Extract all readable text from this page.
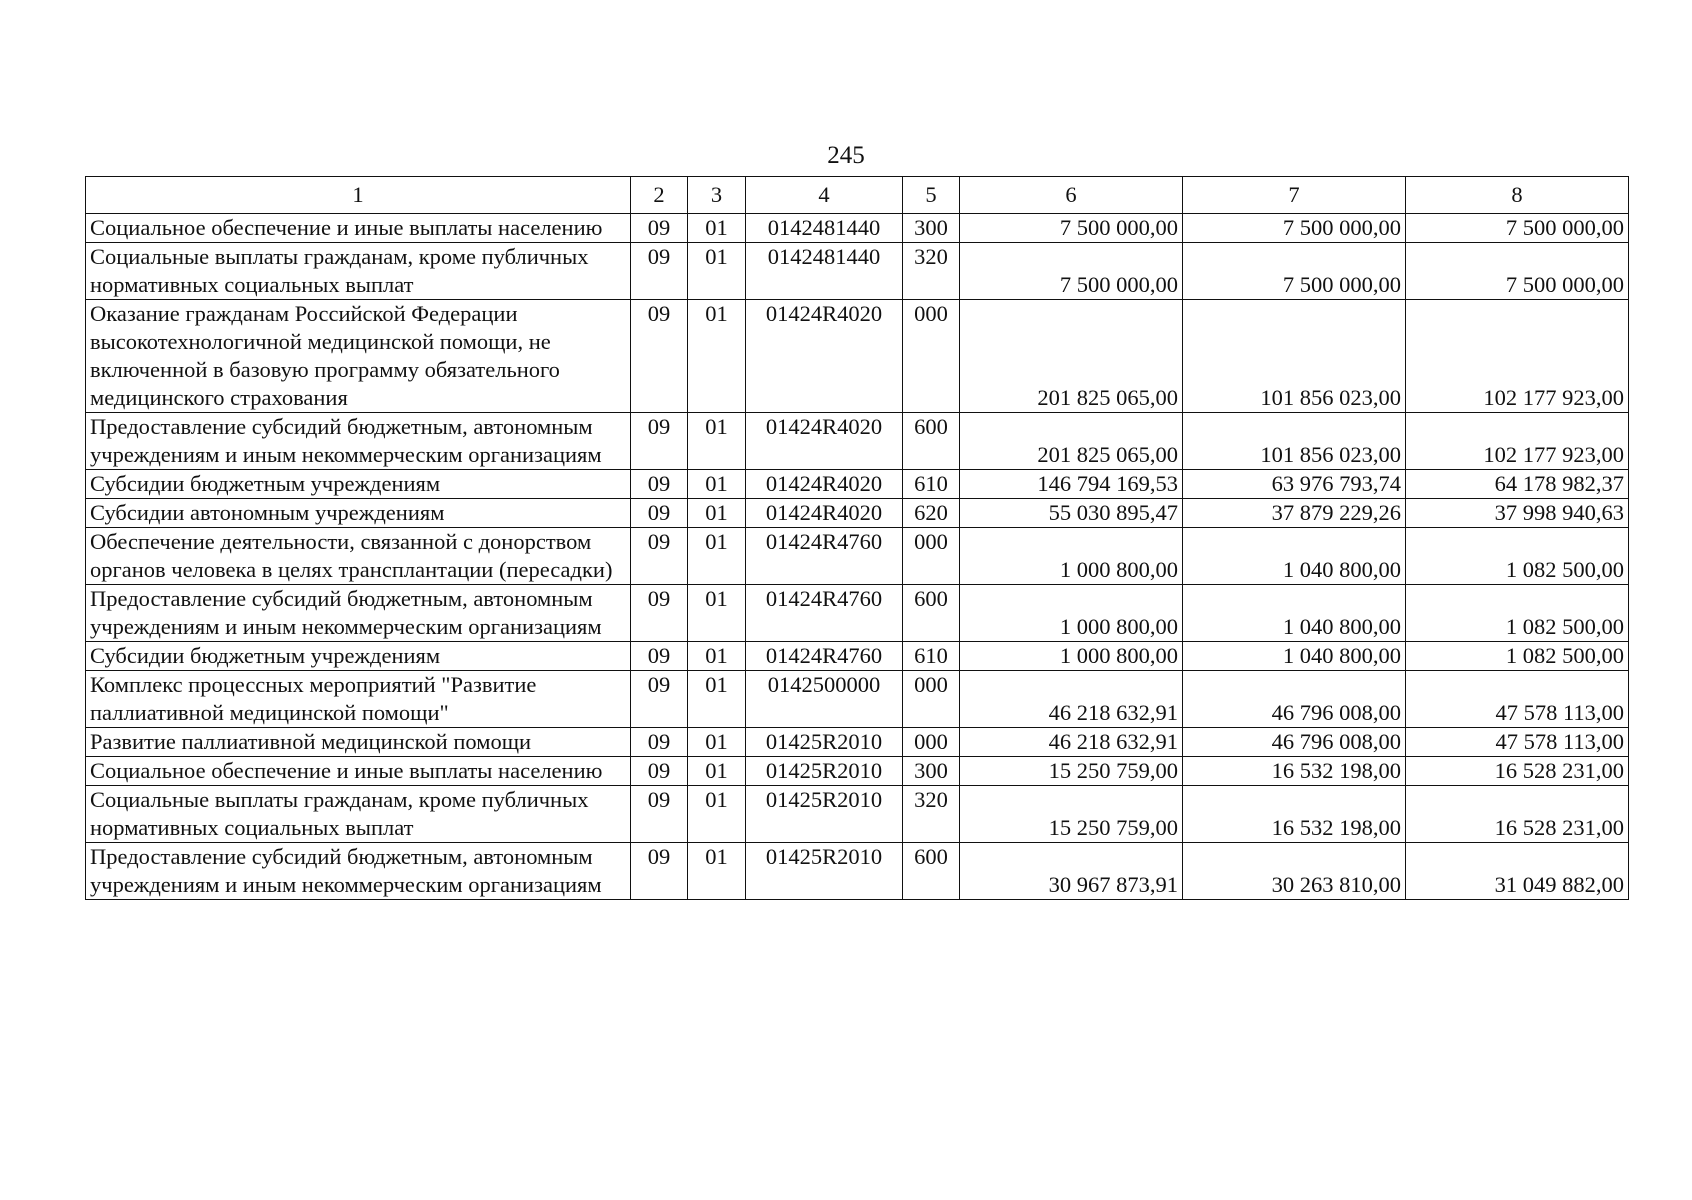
245
1	2	3	4	5	6	7	8
Социальное обеспечение и иные выплаты населению	09	01	0142481440	300	7 500 000,00	7 500 000,00	7 500 000,00
Социальные выплаты гражданам, кроме публичных нормативных социальных выплат	09	01	0142481440	320	7 500 000,00	7 500 000,00	7 500 000,00
Оказание гражданам Российской Федерации высокотехнологичной медицинской помощи, не включенной в базовую программу обязательного медицинского страхования	09	01	01424R4020	000	201 825 065,00	101 856 023,00	102 177 923,00
Предоставление субсидий бюджетным, автономным учреждениям и иным некоммерческим организациям	09	01	01424R4020	600	201 825 065,00	101 856 023,00	102 177 923,00
Субсидии бюджетным учреждениям	09	01	01424R4020	610	146 794 169,53	63 976 793,74	64 178 982,37
Субсидии автономным учреждениям	09	01	01424R4020	620	55 030 895,47	37 879 229,26	37 998 940,63
Обеспечение деятельности, связанной с донорством органов человека в целях трансплантации (пересадки)	09	01	01424R4760	000	1 000 800,00	1 040 800,00	1 082 500,00
Предоставление субсидий бюджетным, автономным учреждениям и иным некоммерческим организациям	09	01	01424R4760	600	1 000 800,00	1 040 800,00	1 082 500,00
Субсидии бюджетным учреждениям	09	01	01424R4760	610	1 000 800,00	1 040 800,00	1 082 500,00
Комплекс процессных мероприятий "Развитие паллиативной медицинской помощи"	09	01	0142500000	000	46 218 632,91	46 796 008,00	47 578 113,00
Развитие паллиативной медицинской помощи	09	01	01425R2010	000	46 218 632,91	46 796 008,00	47 578 113,00
Социальное обеспечение и иные выплаты населению	09	01	01425R2010	300	15 250 759,00	16 532 198,00	16 528 231,00
Социальные выплаты гражданам, кроме публичных нормативных социальных выплат	09	01	01425R2010	320	15 250 759,00	16 532 198,00	16 528 231,00
Предоставление субсидий бюджетным, автономным учреждениям и иным некоммерческим организациям	09	01	01425R2010	600	30 967 873,91	30 263 810,00	31 049 882,00
